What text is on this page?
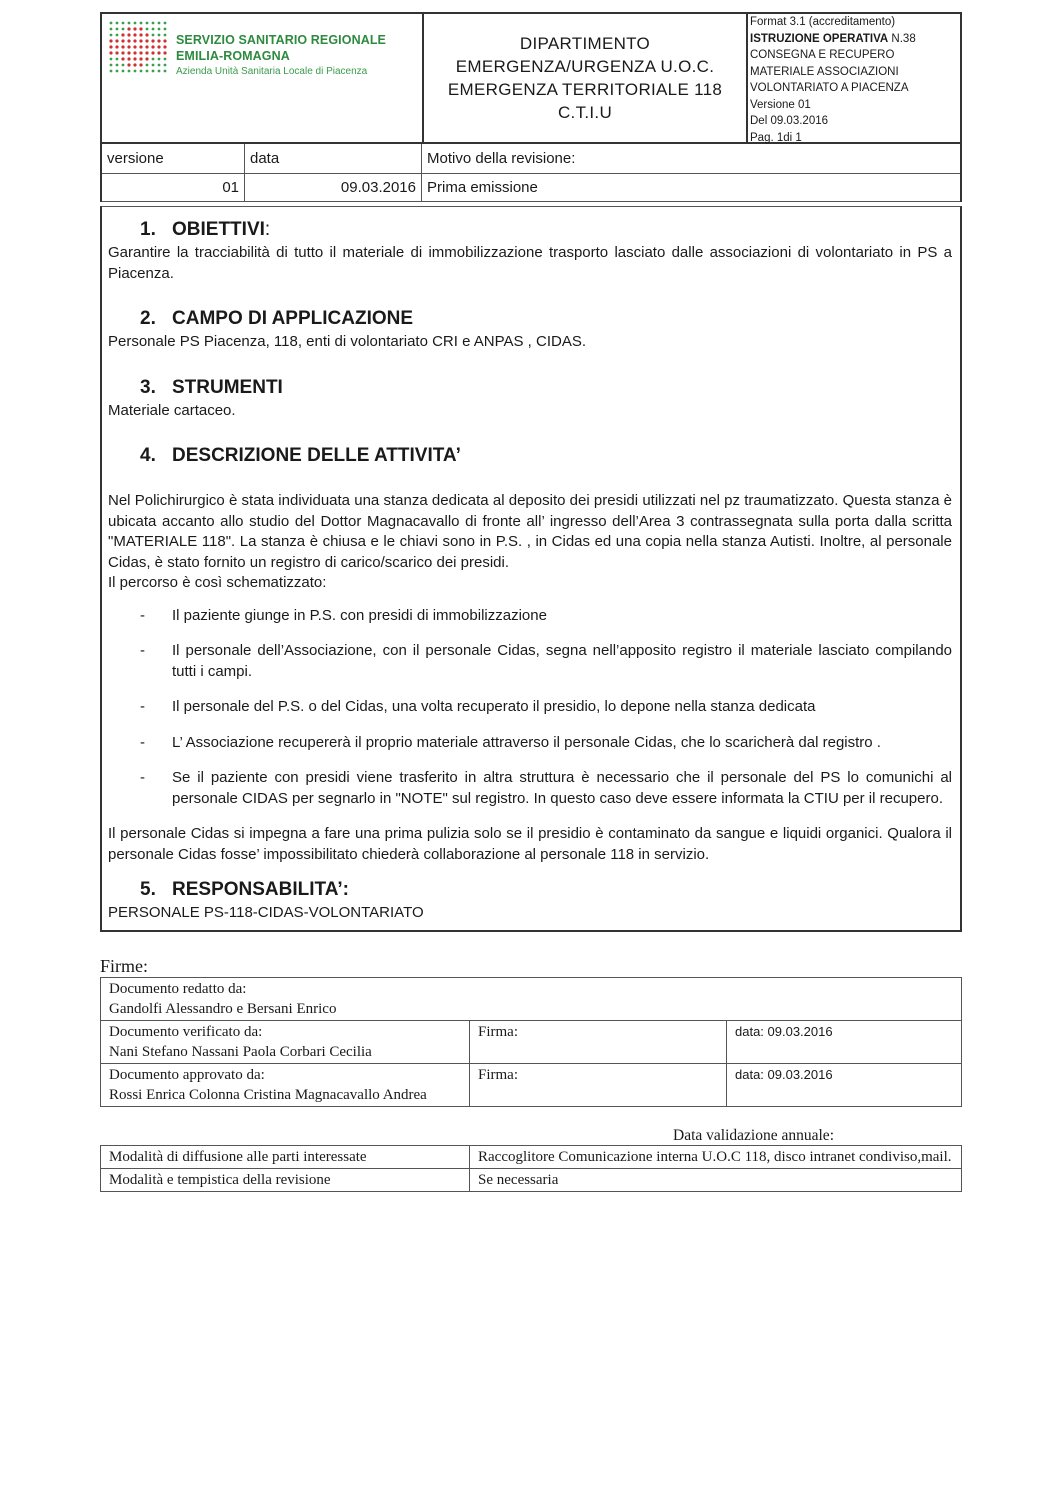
SERVIZIO SANITARIO REGIONALE
EMILIA-ROMAGNA
Azienda Unità Sanitaria Locale di Piacenza
DIPARTIMENTO
EMERGENZA/URGENZA U.O.C.
EMERGENZA TERRITORIALE 118
C.T.I.U
Format 3.1 (accreditamento)
ISTRUZIONE OPERATIVA N.38
CONSEGNA E RECUPERO
MATERIALE ASSOCIAZIONI
VOLONTARIATO A PIACENZA
Versione 01
Del 09.03.2016
Pag. 1di 1
versione	data	Motivo della revisione:
01	09.03.2016 Prima emissione
1. OBIETTIVI:

Garantire la tracciabilità di tutto il materiale di immobilizzazione trasporto lasciato dalle associazioni di volontariato in PS a Piacenza.

2. CAMPO DI APPLICAZIONE

Personale PS Piacenza, 118, enti di volontariato CRI e ANPAS , CIDAS.

3. STRUMENTI

Materiale cartaceo.

4. DESCRIZIONE DELLE ATTIVITA’

Nel Polichirurgico è stata individuata una stanza dedicata al deposito dei presidi utilizzati nel pz traumatizzato. Questa stanza è ubicata accanto allo studio del Dottor Magnacavallo di fronte all’ ingresso dell’Area 3 contrassegnata sulla porta dalla scritta "MATERIALE 118". La stanza è chiusa e le chiavi sono in P.S. , in Cidas ed una copia nella stanza Autisti. Inoltre, al personale Cidas, è stato fornito un registro di carico/scarico dei presidi.

Il percorso è così schematizzato:

-	Il paziente giunge in P.S. con presidi di immobilizzazione
-	Il personale dell’Associazione, con il personale Cidas, segna nell’apposito registro il materiale lasciato compilando tutti i campi.
-	Il personale del P.S. o del Cidas, una volta recuperato il presidio, lo depone nella stanza dedicata
-	L’ Associazione recupererà il proprio materiale attraverso il personale Cidas, che lo scaricherà dal registro .
-	Se il paziente con presidi viene trasferito in altra struttura è necessario che il personale del PS lo comunichi al personale CIDAS per segnarlo in "NOTE" sul registro. In questo caso deve essere informata la CTIU per il recupero.

Il personale Cidas si impegna a fare una prima pulizia solo se il presidio è contaminato da sangue e liquidi organici. Qualora il personale Cidas fosse’ impossibilitato chiederà collaborazione al personale 118 in servizio.

5. RESPONSABILITA’:

PERSONALE PS-118-CIDAS-VOLONTARIATO

Firme:
Documento redatto da:
Gandolfi Alessandro e Bersani Enrico		

Documento verificato da:
Nani Stefano Nassani Paola Corbari Cecilia	Firma:	data: 09.03.2016

Documento approvato da:
Rossi Enrica Colonna Cristina Magnacavallo Andrea	Firma:	data: 09.03.2016
Data validazione annuale:
Modalità di diffusione alle parti interessate	Raccoglitore Comunicazione interna U.O.C 118, disco intranet condiviso,mail.
Modalità e tempistica della revisione	Se necessaria
